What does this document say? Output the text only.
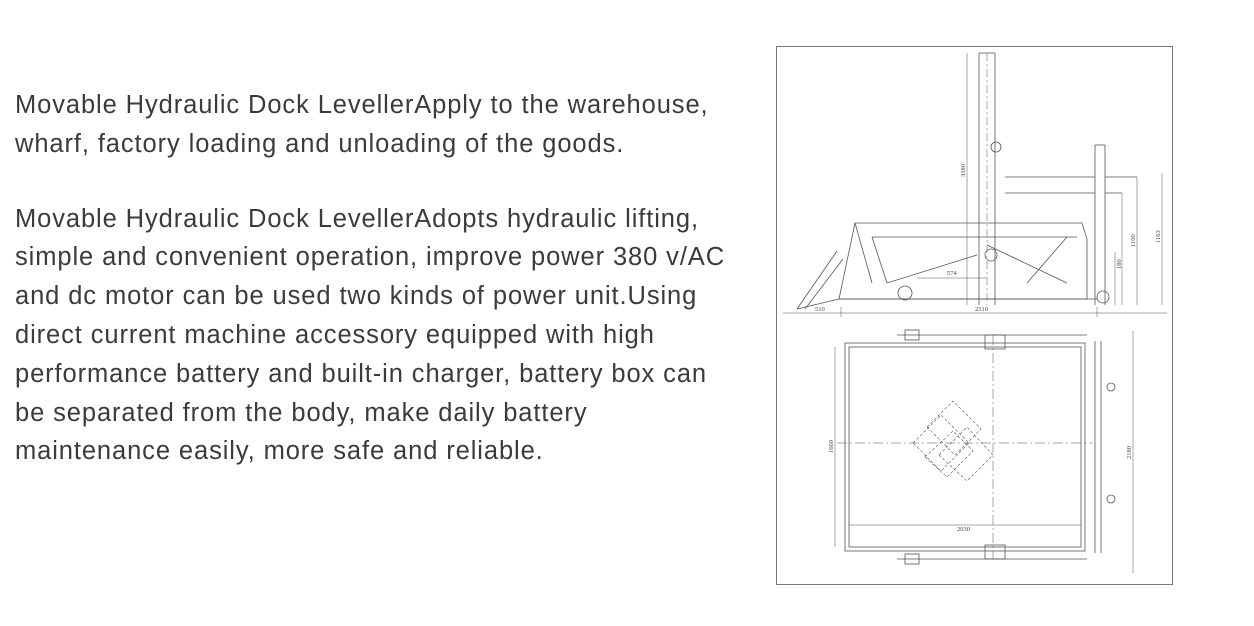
Movable Hydraulic Dock LevellerApply to the warehouse, wharf, factory loading and unloading of the goods.

Movable Hydraulic Dock LevellerAdopts hydraulic lifting, simple and convenient operation, improve power 380 v/AC and dc motor can be used two kinds of power unit.Using direct current machine accessory equipped with high performance battery and built-in charger, battery box can be separated from the body, make daily battery maintenance easily, more safe and reliable.

3380
510	2310
574
180
1100	1163
1660
2030
2180
